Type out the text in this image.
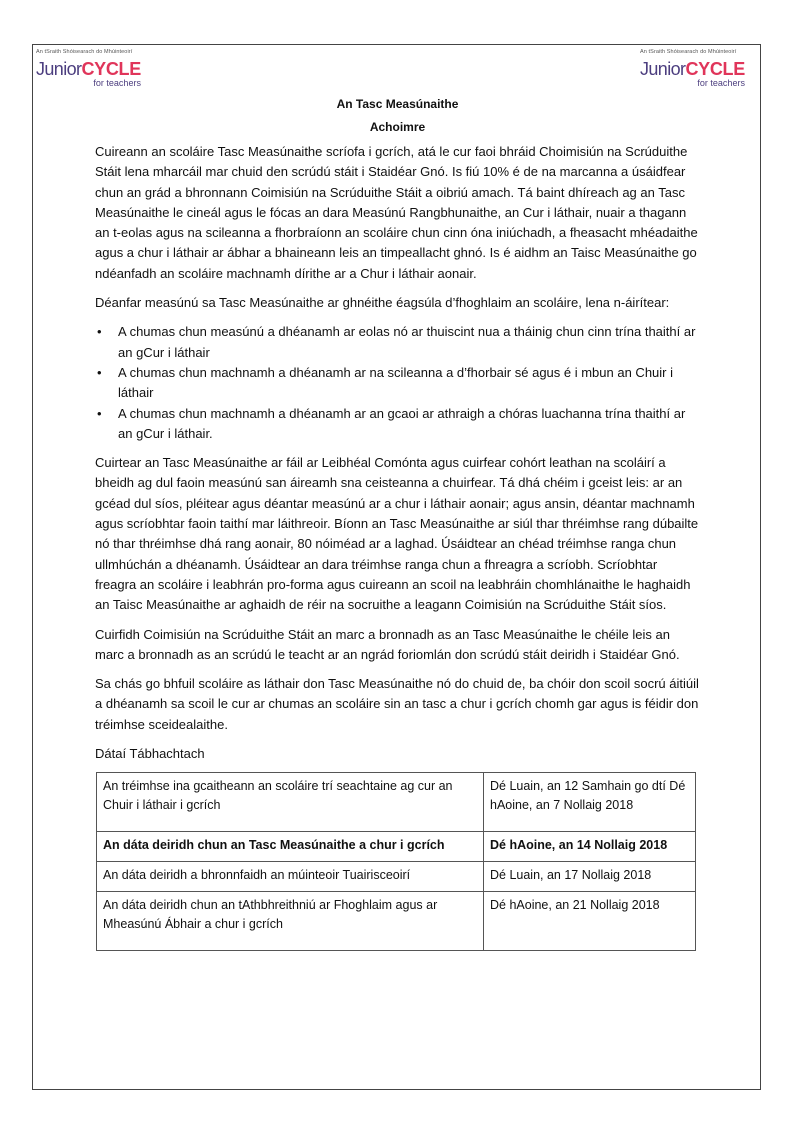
An tSraith Shóisearach do Mhúinteoirí
JuniorCYCLE
for teachers
An tSraith Shóisearach do Mhúinteoirí
JuniorCYCLE
for teachers
An Tasc Measúnaithe
Achoimre

Cuireann an scoláire Tasc Measúnaithe scríofa i gcrích, atá le cur faoi bhráid Choimisiún na Scrúduithe Stáit lena mharcáil mar chuid den scrúdú stáit i Staidéar Gnó. Is fiú 10% é de na marcanna a úsáidfear chun an grád a bhronnann Coimisiún na Scrúduithe Stáit a oibriú amach. Tá baint dhíreach ag an Tasc Measúnaithe le cineál agus le fócas an dara Measúnú Rangbhunaithe, an Cur i láthair, nuair a thagann an t-eolas agus na scileanna a fhorbraíonn an scoláire chun cinn óna iniúchadh, a fheasacht mhéadaithe agus a chur i láthair ar ábhar a bhaineann leis an timpeallacht ghnó. Is é aidhm an Taisc Measúnaithe go ndéanfadh an scoláire machnamh dírithe ar a Chur i láthair aonair.

Déanfar measúnú sa Tasc Measúnaithe ar ghnéithe éagsúla d’fhoghlaim an scoláire, lena n-áirítear:

• A chumas chun measúnú a dhéanamh ar eolas nó ar thuiscint nua a tháinig chun cinn trína thaithí ar an gCur i láthair
• A chumas chun machnamh a dhéanamh ar na scileanna a d’fhorbair sé agus é i mbun an Chuir i láthair
• A chumas chun machnamh a dhéanamh ar an gcaoi ar athraigh a chóras luachanna trína thaithí ar an gCur i láthair.

Cuirtear an Tasc Measúnaithe ar fáil ar Leibhéal Comónta agus cuirfear cohórt leathan na scoláirí a bheidh ag dul faoin measúnú san áireamh sna ceisteanna a chuirfear. Tá dhá chéim i gceist leis: ar an gcéad dul síos, pléitear agus déantar measúnú ar a chur i láthair aonair; agus ansin, déantar machnamh agus scríobhtar faoin taithí mar láithreoir. Bíonn an Tasc Measúnaithe ar siúl thar thréimhse rang dúbailte nó thar thréimhse dhá rang aonair, 80 nóiméad ar a laghad. Úsáidtear an chéad tréimhse ranga chun ullmhúchán a dhéanamh. Úsáidtear an dara tréimhse ranga chun a fhreagra a scríobh. Scríobhtar freagra an scoláire i leabhrán pro-forma agus cuireann an scoil na leabhráin chomhlánaithe le haghaidh an Taisc Measúnaithe ar aghaidh de réir na socruithe a leagann Coimisiún na Scrúduithe Stáit síos.

Cuirfidh Coimisiún na Scrúduithe Stáit an marc a bronnadh as an Tasc Measúnaithe le chéile leis an marc a bronnadh as an scrúdú le teacht ar an ngrád foriomlán don scrúdú stáit deiridh i Staidéar Gnó.

Sa chás go bhfuil scoláire as láthair don Tasc Measúnaithe nó do chuid de, ba chóir don scoil socrú áitiúil a dhéanamh sa scoil le cur ar chumas an scoláire sin an tasc a chur i gcrích chomh gar agus is féidir don tréimhse sceidealaithe.

Dátaí Tábhachtach

An tréimhse ina gcaitheann an scoláire trí seachtaine ag cur an Chuir i láthair i gcrích	Dé Luain, an 12 Samhain go dtí Dé hAoine, an 7 Nollaig 2018
An dáta deiridh chun an Tasc Measúnaithe a chur i gcrích	Dé hAoine, an 14 Nollaig 2018
An dáta deiridh a bhronnfaidh an múinteoir Tuairisceoirí	Dé Luain, an 17 Nollaig 2018
An dáta deiridh chun an tAthbhreithniú ar Fhoghlaim agus ar Mheasúnú Ábhair a chur i gcrích	Dé hAoine, an 21 Nollaig 2018
